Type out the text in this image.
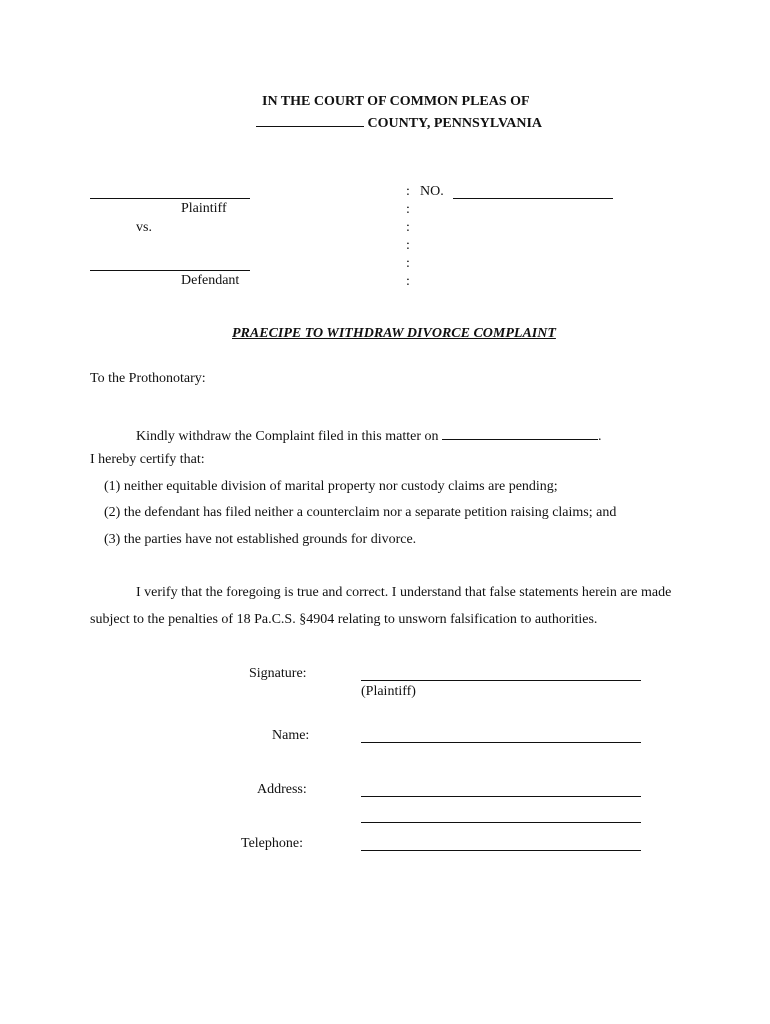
IN THE COURT OF COMMON PLEAS OF
COUNTY, PENNSYLVANIA
Plaintiff
vs.
Defendant
:
:
:
:
:
:
NO.
PRAECIPE TO WITHDRAW DIVORCE COMPLAINT
To the Prothonotary:
Kindly withdraw the Complaint filed in this matter on	.
I hereby certify that:
(1) neither equitable division of marital property nor custody claims are pending;
(2) the defendant has filed neither a counterclaim nor a separate petition raising claims; and
(3) the parties have not established grounds for divorce.
I verify that the foregoing is true and correct. I understand that false statements herein are made
subject to the penalties of 18 Pa.C.S. §4904 relating to unsworn falsification to authorities.
Signature:
(Plaintiff)
Name:
Address:
Telephone:
